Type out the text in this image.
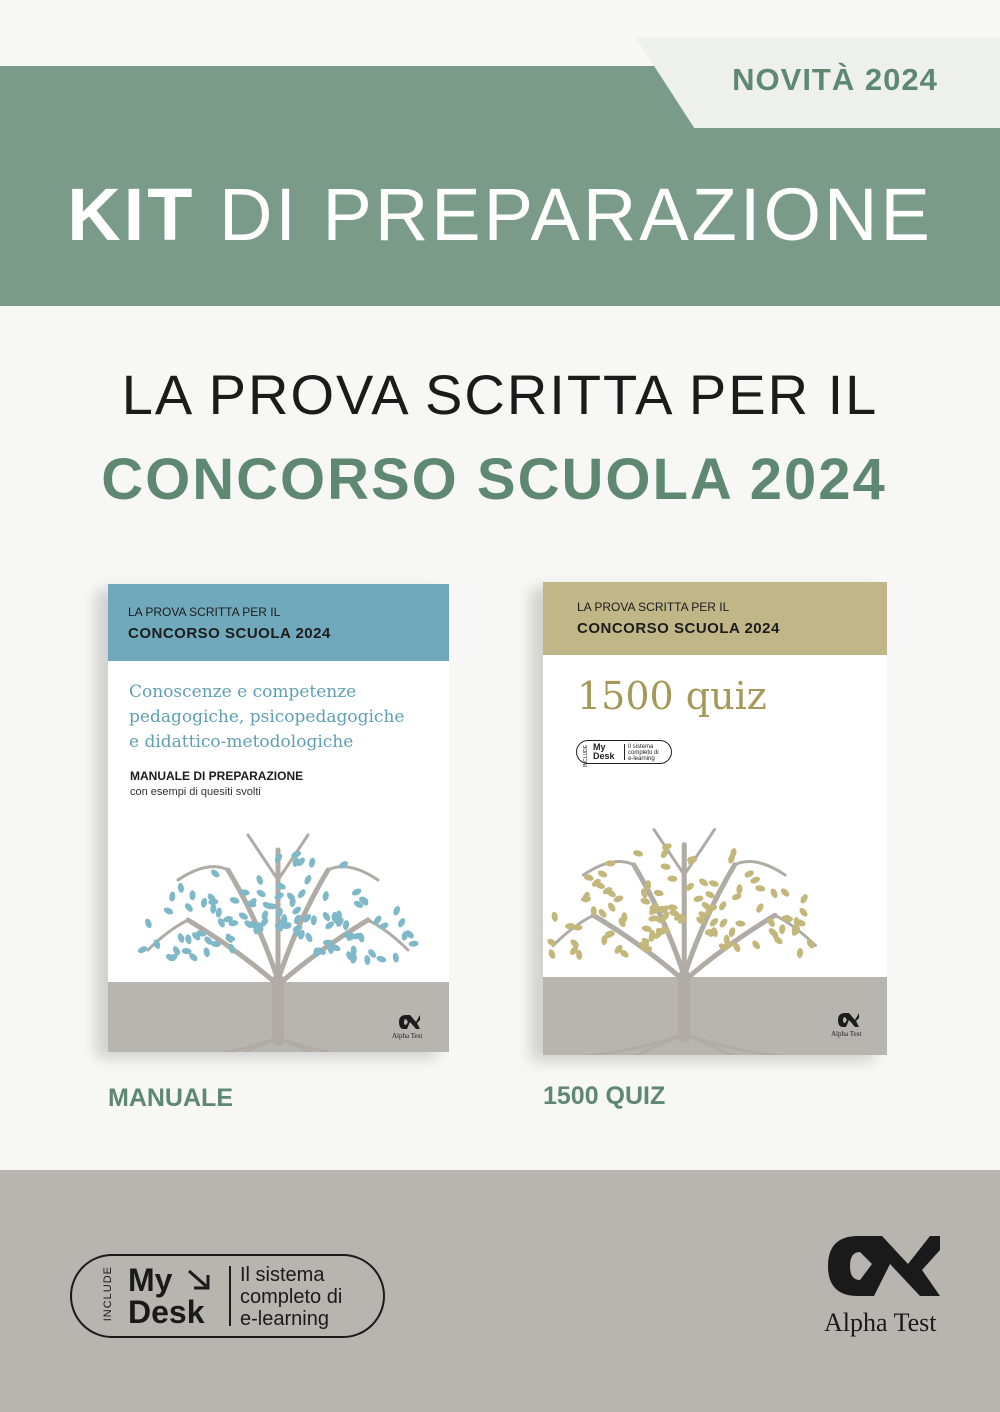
NOVITÀ 2024
KIT DI PREPARAZIONE
LA PROVA SCRITTA PER IL
CONCORSO SCUOLA 2024
LA PROVA SCRITTA PER IL
CONCORSO SCUOLA 2024
Conoscenze e competenze
pedagogiche, psicopedagogiche
e didattico-metodologiche
MANUALE DI PREPARAZIONE
con esempi di quesiti svolti
Alpha Test
LA PROVA SCRITTA PER IL
CONCORSO SCUOLA 2024
1500 quiz
INCLUDE My
Desk
Il sistema
completo di
e-learning
Alpha Test
MANUALE	1500 QUIZ
INCLUDE My
Desk
Il sistema
completo di
e-learning	Alpha Test
